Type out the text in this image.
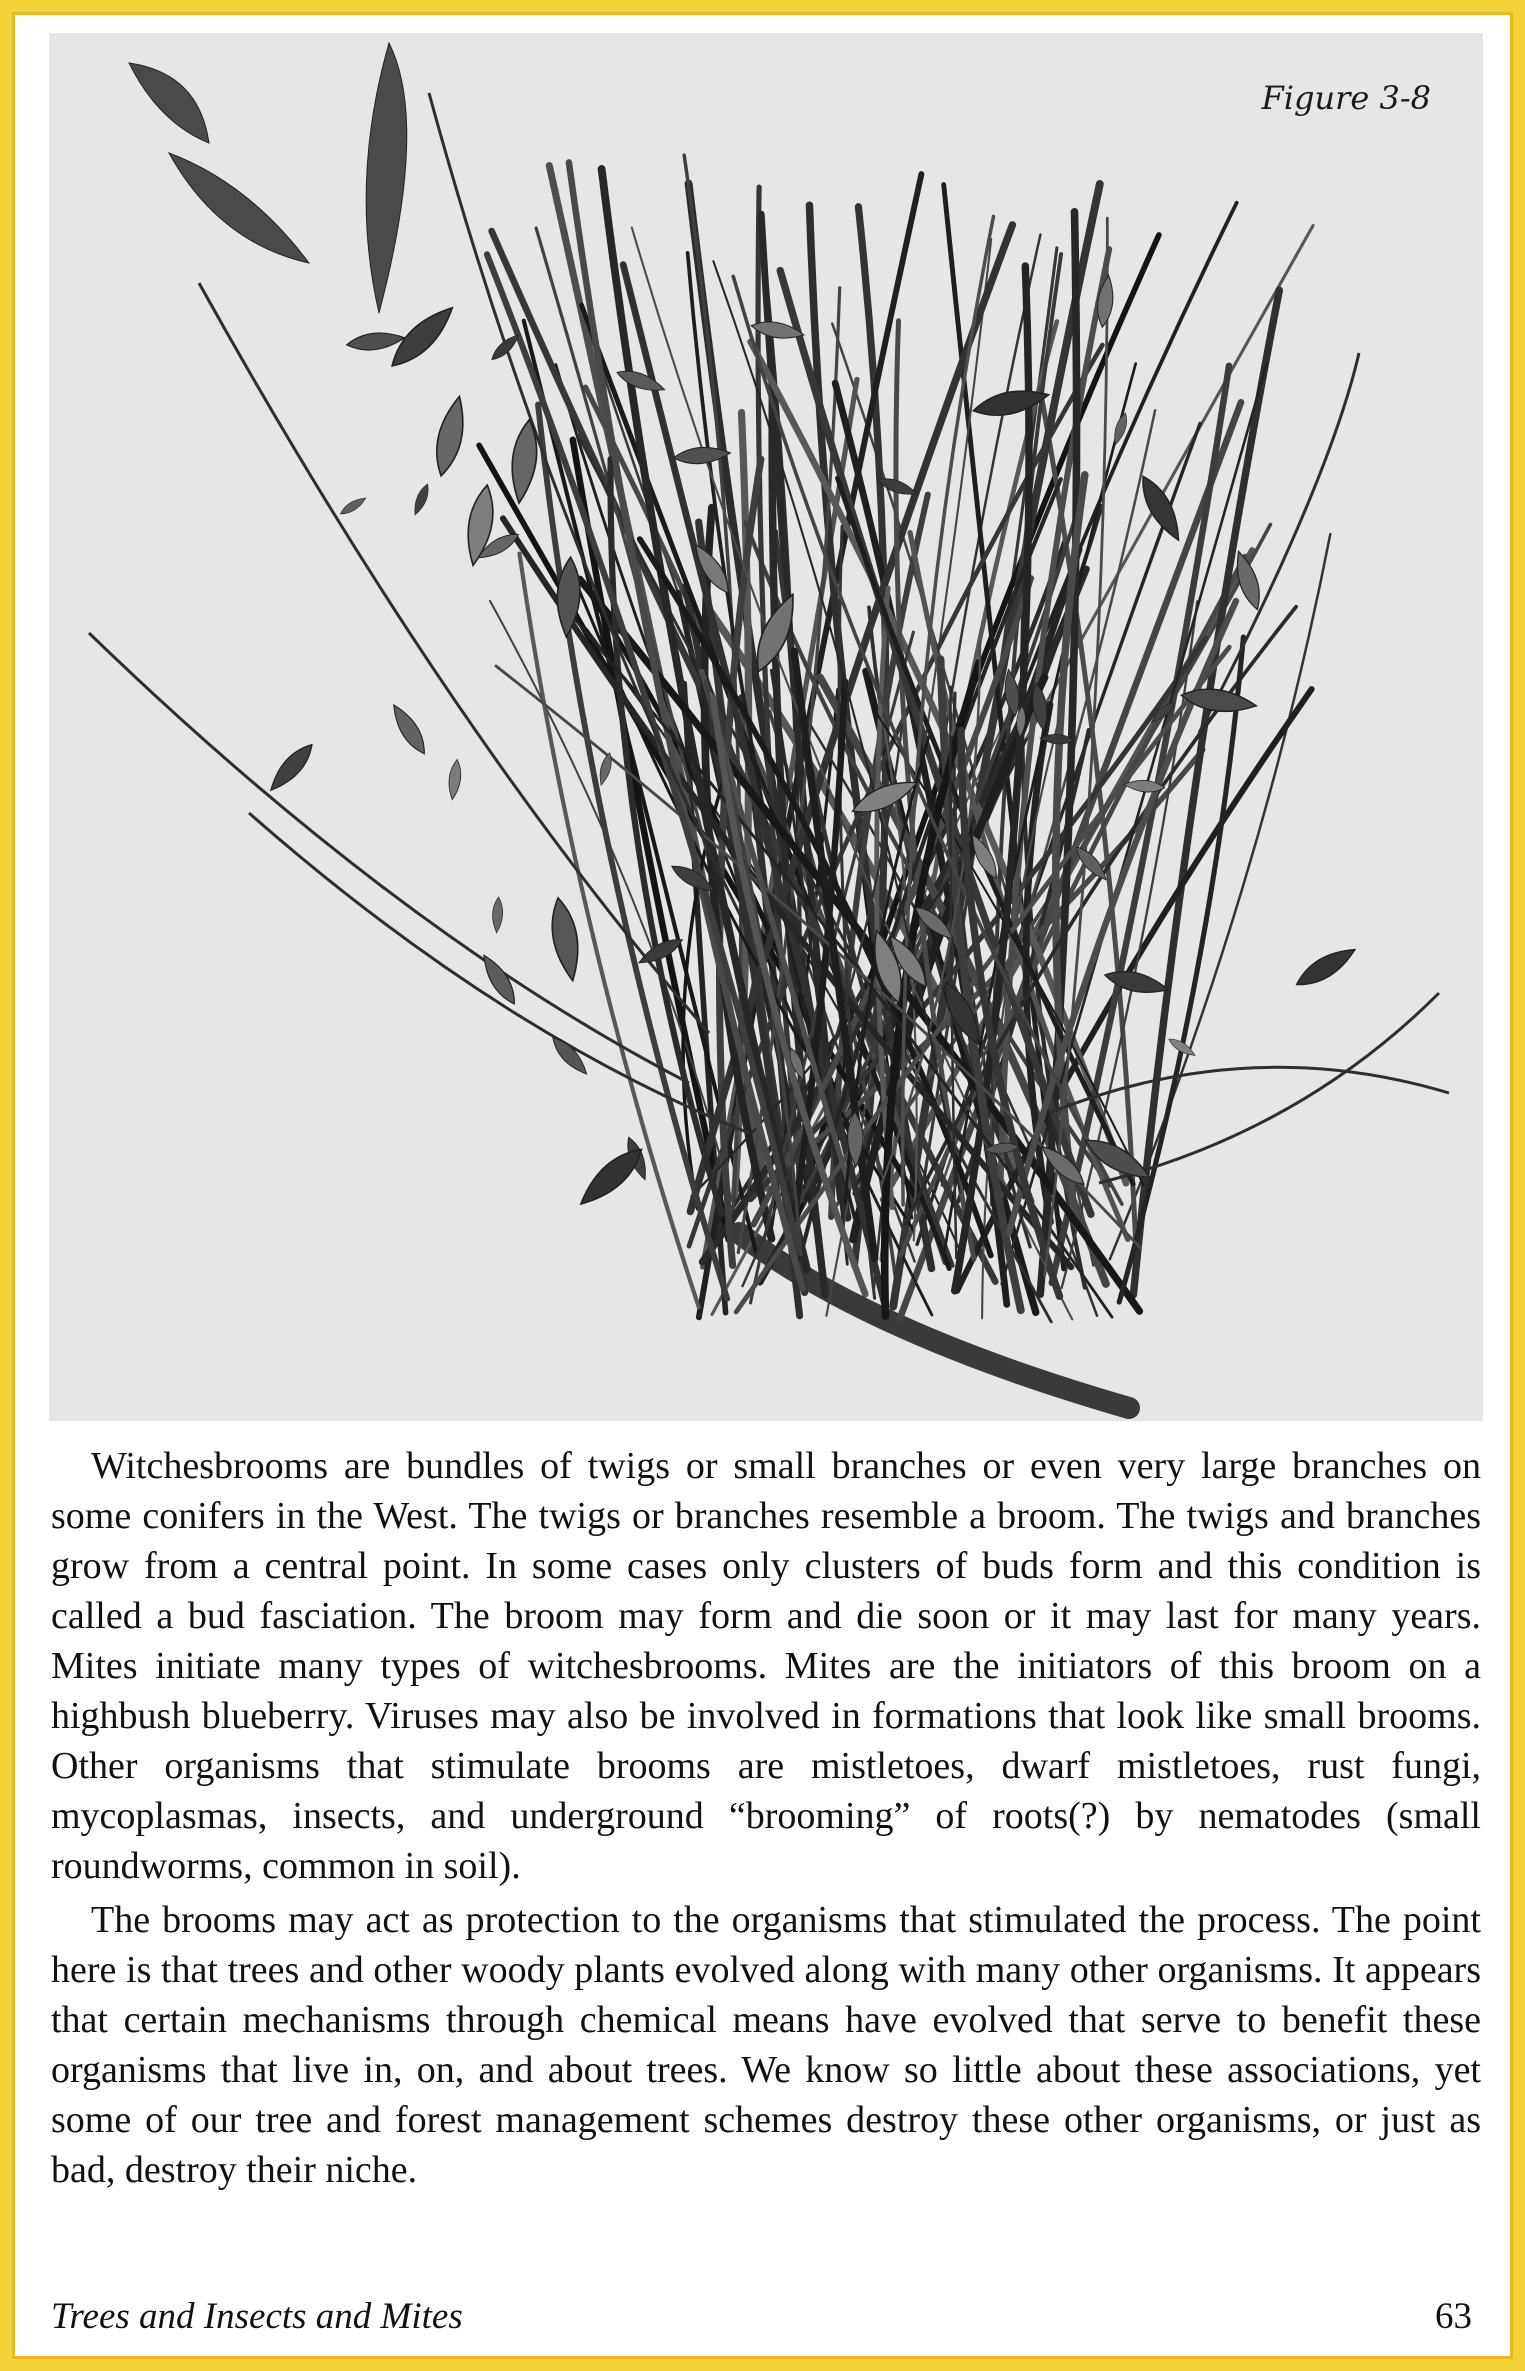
Figure 3-8

Witchesbrooms are bundles of twigs or small branches or even very large branches on some conifers in the West. The twigs or branches resemble a broom. The twigs and branches grow from a central point. In some cases only clusters of buds form and this condition is called a bud fasciation. The broom may form and die soon or it may last for many years. Mites initiate many types of witchesbrooms. Mites are the initiators of this broom on a highbush blueberry. Viruses may also be involved in formations that look like small brooms. Other organisms that stimulate brooms are mistletoes, dwarf mistletoes, rust fungi, mycoplasmas, insects, and underground “brooming” of roots(?) by nematodes (small roundworms, common in soil).

The brooms may act as protection to the organisms that stimulated the process. The point here is that trees and other woody plants evolved along with many other organisms. It appears that certain mechanisms through chemical means have evolved that serve to benefit these organisms that live in, on, and about trees. We know so little about these associations, yet some of our tree and forest management schemes destroy these other organisms, or just as bad, destroy their niche.

Trees and Insects and Mites	63
